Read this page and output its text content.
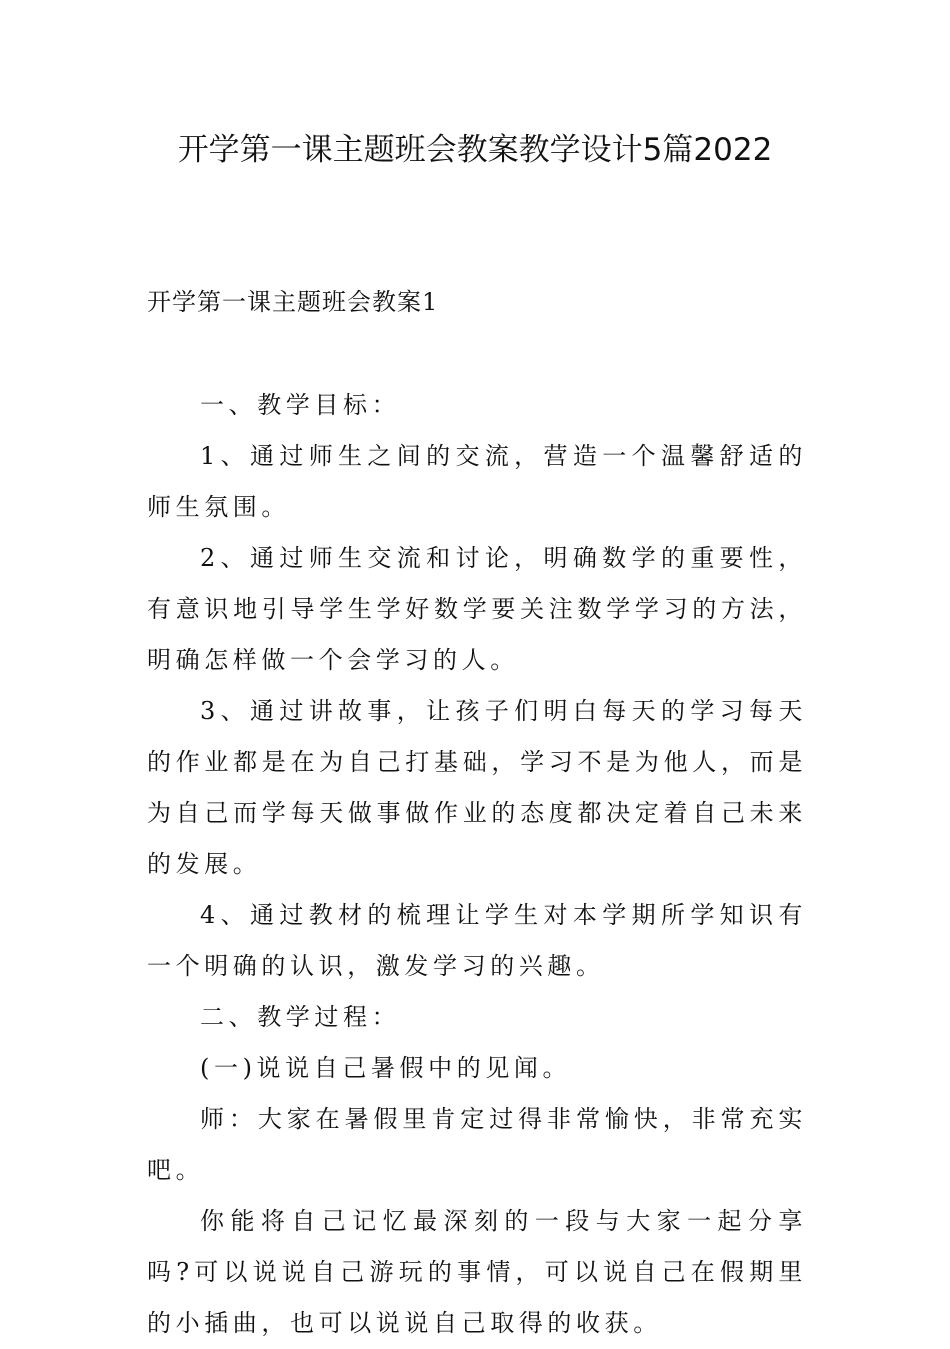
开学第一课主题班会教案教学设计5篇2022
开学第一课主题班会教案1

一、教学目标：

1、通过师生之间的交流，营造一个温馨舒适的师生氛围。

2、通过师生交流和讨论，明确数学的重要性，有意识地引导学生学好数学要关注数学学习的方法，明确怎样做一个会学习的人。

3、通过讲故事，让孩子们明白每天的学习每天的作业都是在为自己打基础，学习不是为他人，而是为自己而学每天做事做作业的态度都决定着自己未来的发展。

4、通过教材的梳理让学生对本学期所学知识有一个明确的认识，激发学习的兴趣。

二、教学过程：

(一)说说自己暑假中的见闻。

师：大家在暑假里肯定过得非常愉快，非常充实吧。

你能将自己记忆最深刻的一段与大家一起分享吗?可以说说自己游玩的事情，可以说自己在假期里的小插曲，也可以说说自己取得的收获。
